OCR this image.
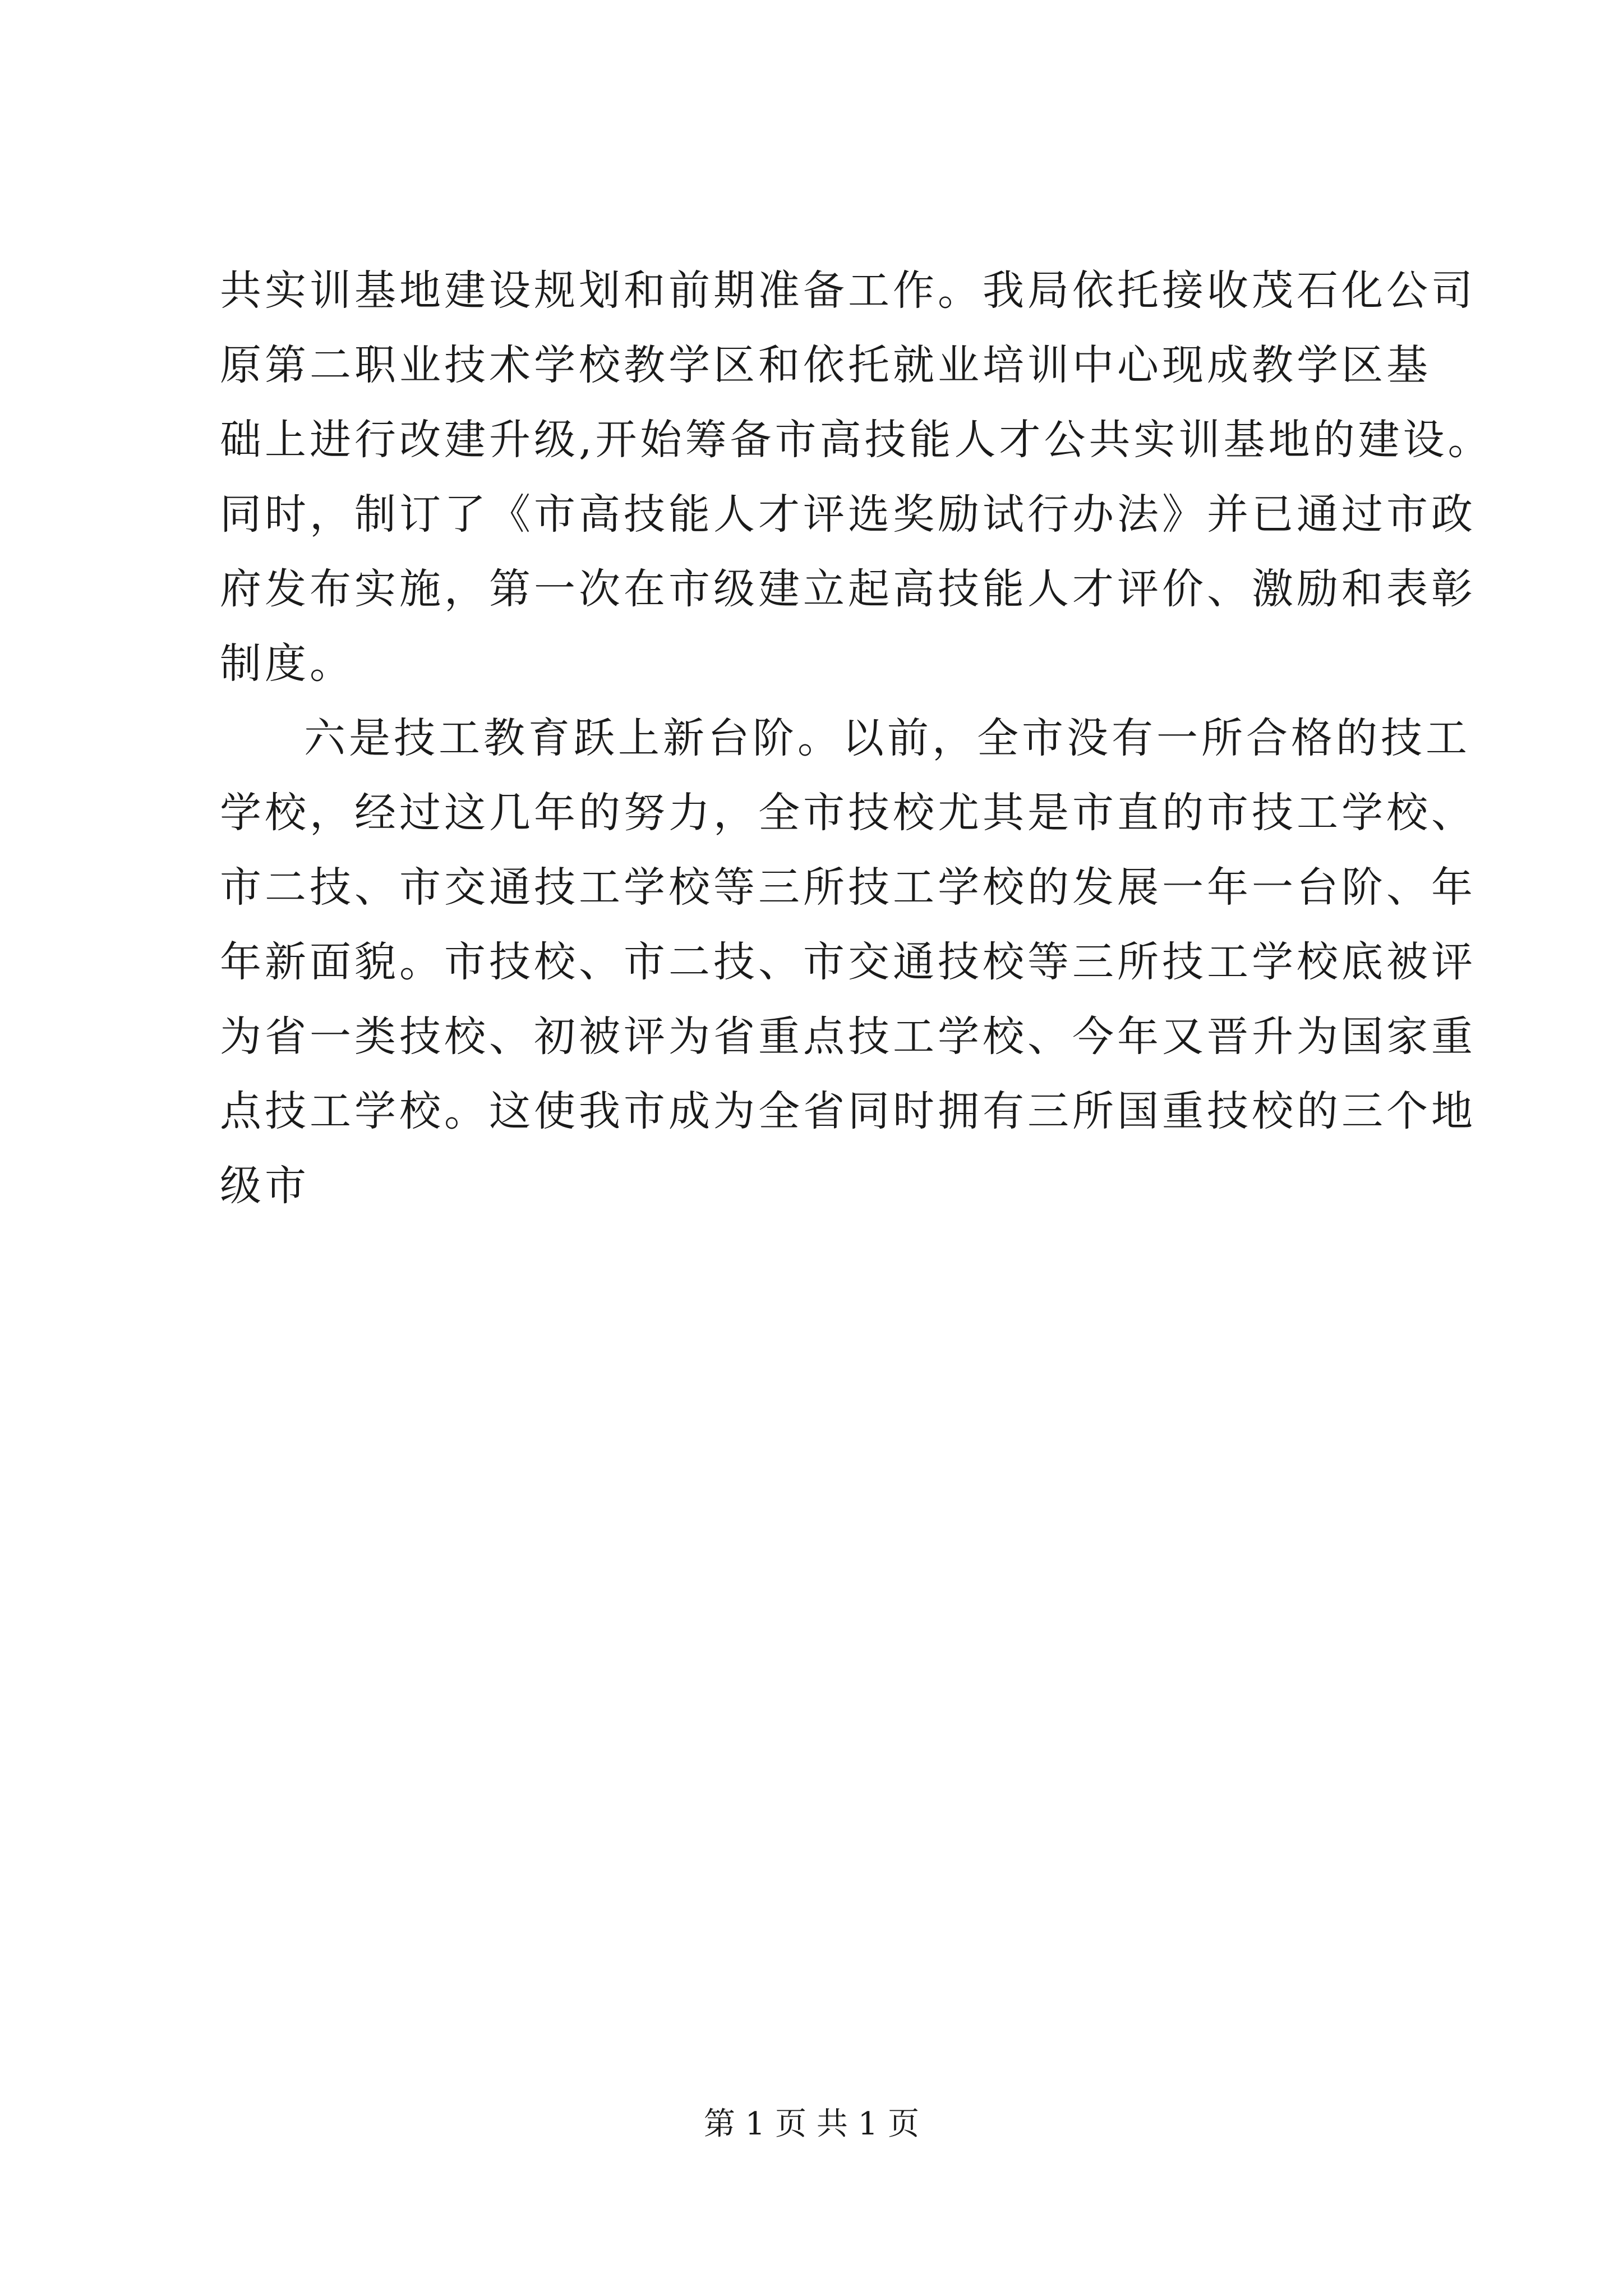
共实训基地建设规划和前期准备工作。我局依托接收茂石化公司
原第二职业技术学校教学区和依托就业培训中心现成教学区基
础上进行改建升级,开始筹备市高技能人才公共实训基地的建设。
同时，制订了《市高技能人才评选奖励试行办法》并已通过市政
府发布实施，第一次在市级建立起高技能人才评价、激励和表彰
制度。
六是技工教育跃上新台阶。以前，全市没有一所合格的技工
学校，经过这几年的努力，全市技校尤其是市直的市技工学校、
市二技、市交通技工学校等三所技工学校的发展一年一台阶、年
年新面貌。市技校、市二技、市交通技校等三所技工学校底被评
为省一类技校、初被评为省重点技工学校、今年又晋升为国家重
点技工学校。这使我市成为全省同时拥有三所国重技校的三个地
级市
第 1 页 共 1 页
